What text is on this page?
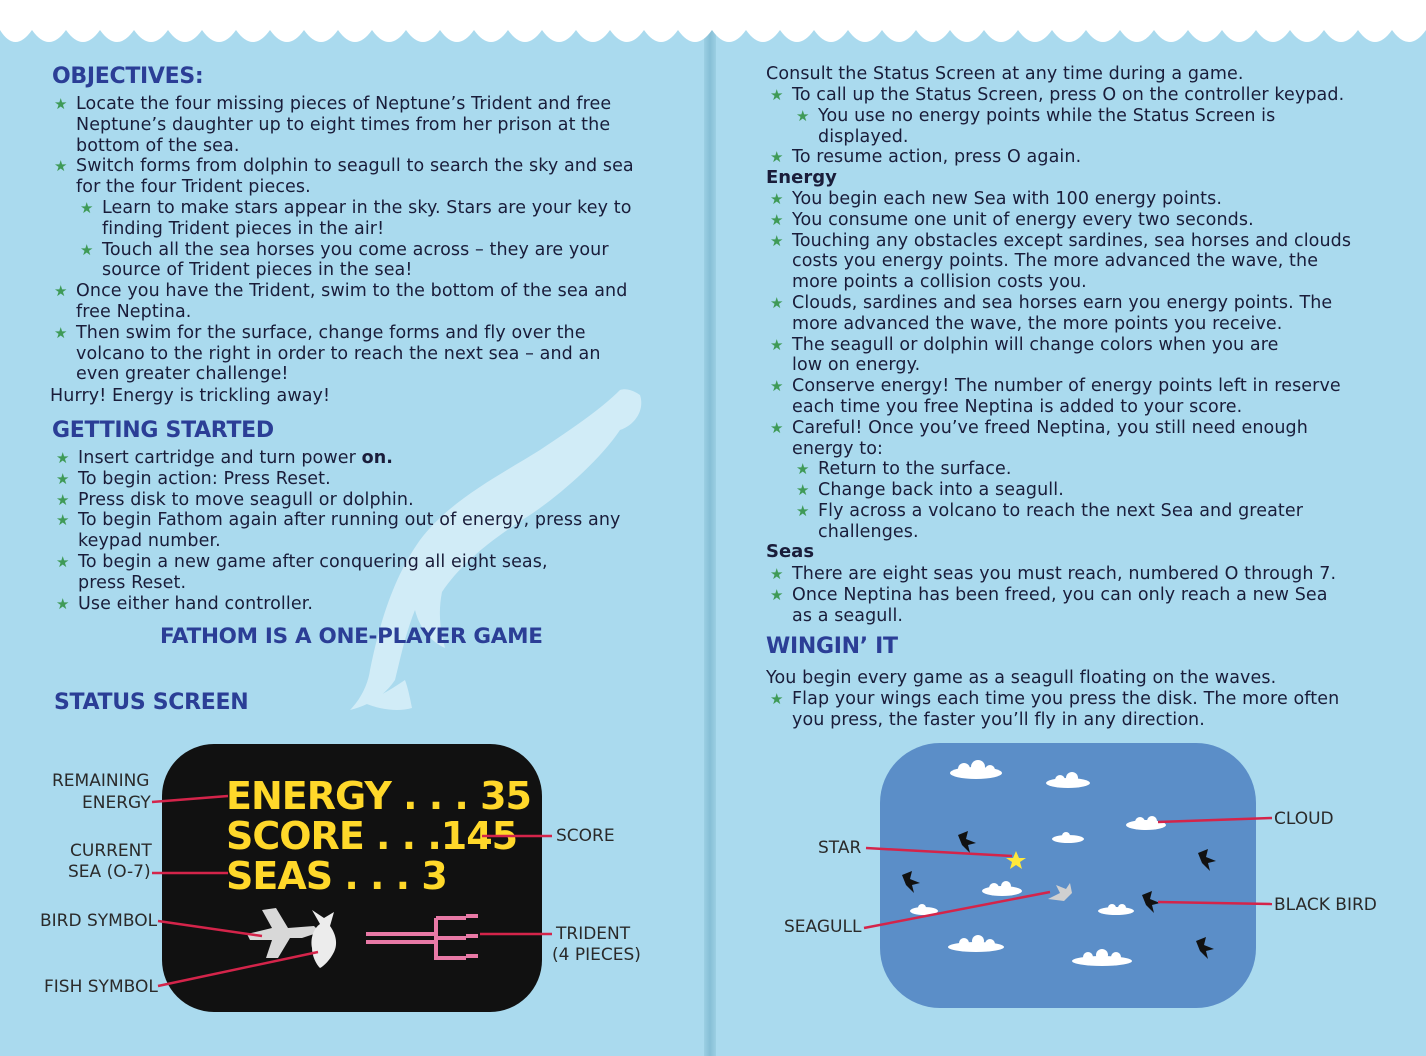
OBJECTIVES:
★ Locate the four missing pieces of Neptune’s Trident and free
Neptune’s daughter up to eight times from her prison at the
bottom of the sea.
★ Switch forms from dolphin to seagull to search the sky and sea
for the four Trident pieces.
★ Learn to make stars appear in the sky. Stars are your key to
finding Trident pieces in the air!
★ Touch all the sea horses you come across – they are your
source of Trident pieces in the sea!
★ Once you have the Trident, swim to the bottom of the sea and
free Neptina.
★ Then swim for the surface, change forms and fly over the
volcano to the right in order to reach the next sea – and an
even greater challenge!
Hurry! Energy is trickling away!
GETTING STARTED
★ Insert cartridge and turn power on.
★ To begin action: Press Reset.
★ Press disk to move seagull or dolphin.
★ To begin Fathom again after running out of energy, press any
keypad number.
★ To begin a new game after conquering all eight seas,
press Reset.
★ Use either hand controller.
FATHOM IS A ONE-PLAYER GAME
STATUS SCREEN
ENERGY . . . 35
SCORE . . .145
SEAS . . . 3
REMAINING
ENERGY
CURRENT
SEA (O-7)
BIRD SYMBOL
FISH SYMBOL
SCORE
TRIDENT
(4 PIECES)
Consult the Status Screen at any time during a game.
★ To call up the Status Screen, press O on the controller keypad.
★ You use no energy points while the Status Screen is
displayed.
★ To resume action, press O again.
Energy
★ You begin each new Sea with 100 energy points.
★ You consume one unit of energy every two seconds.
★ Touching any obstacles except sardines, sea horses and clouds
costs you energy points. The more advanced the wave, the
more points a collision costs you.
★ Clouds, sardines and sea horses earn you energy points. The
more advanced the wave, the more points you receive.
★ The seagull or dolphin will change colors when you are
low on energy.
★ Conserve energy! The number of energy points left in reserve
each time you free Neptina is added to your score.
★ Careful! Once you’ve freed Neptina, you still need enough
energy to:
★ Return to the surface.
★ Change back into a seagull.
★ Fly across a volcano to reach the next Sea and greater
challenges.
Seas
★ There are eight seas you must reach, numbered O through 7.
★ Once Neptina has been freed, you can only reach a new Sea
as a seagull.
WINGIN’ IT
You begin every game as a seagull floating on the waves.
★ Flap your wings each time you press the disk. The more often
you press, the faster you’ll fly in any direction.
STAR
SEAGULL
CLOUD
BLACK BIRD
